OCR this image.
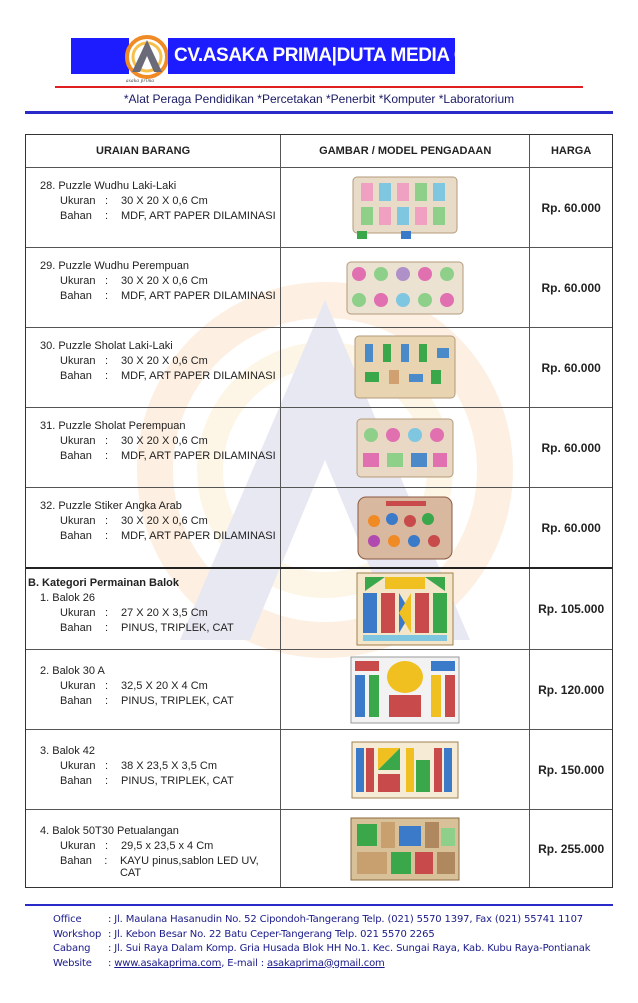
asaka prima
CV.ASAKA PRIMA|DUTA MEDIA GROUP
*Alat Peraga Pendidikan *Percetakan *Penerbit *Komputer *Laboratorium
URAIAN BARANG	GAMBAR / MODEL PENGADAAN	HARGA
28. Puzzle Wudhu Laki-Laki
Ukuran :	30 X 20 X 0,6 Cm
Bahan	:	MDF, ART PAPER DILAMINASI
Rp. 60.000
29. Puzzle Wudhu Perempuan
Ukuran :	30 X 20 X 0,6 Cm
Bahan	:	MDF, ART PAPER DILAMINASI
Rp. 60.000
30. Puzzle Sholat Laki-Laki
Ukuran :	30 X 20 X 0,6 Cm
Bahan	:	MDF, ART PAPER DILAMINASI
Rp. 60.000
31. Puzzle Sholat Perempuan
Ukuran :	30 X 20 X 0,6 Cm
Bahan	:	MDF, ART PAPER DILAMINASI
Rp. 60.000
32. Puzzle Stiker Angka Arab
Ukuran :	30 X 20 X 0,6 Cm
Bahan	:	MDF, ART PAPER DILAMINASI
Rp. 60.000
B. Kategori Permainan Balok
1. Balok 26
Ukuran :	27 X 20 X 3,5 Cm
Bahan	:	PINUS, TRIPLEK, CAT
Rp. 105.000
2. Balok 30 A
Ukuran :	32,5 X 20 X 4 Cm
Bahan	:	PINUS, TRIPLEK, CAT
Rp. 120.000
3. Balok 42
Ukuran :	38 X 23,5 X 3,5 Cm
Bahan	:	PINUS, TRIPLEK, CAT
Rp. 150.000
4. Balok 50T30 Petualangan
Ukuran :	29,5 x 23,5 x 4 Cm
Bahan	:	KAYU pinus,sablon LED UV, CAT
Rp. 255.000
Office	: Jl. Maulana Hasanudin No. 52 Cipondoh-Tangerang Telp. (021) 5570 1397, Fax (021) 55741 1107
Workshop : Jl. Kebon Besar No. 22 Batu Ceper-Tangerang Telp. 021 5570 2265
Cabang	: Jl. Sui Raya Dalam Komp. Gria Husada Blok HH No.1. Kec. Sungai Raya, Kab. Kubu Raya-Pontianak
Website	: www.asakaprima.com , E-mail : asakaprima@gmail.com
